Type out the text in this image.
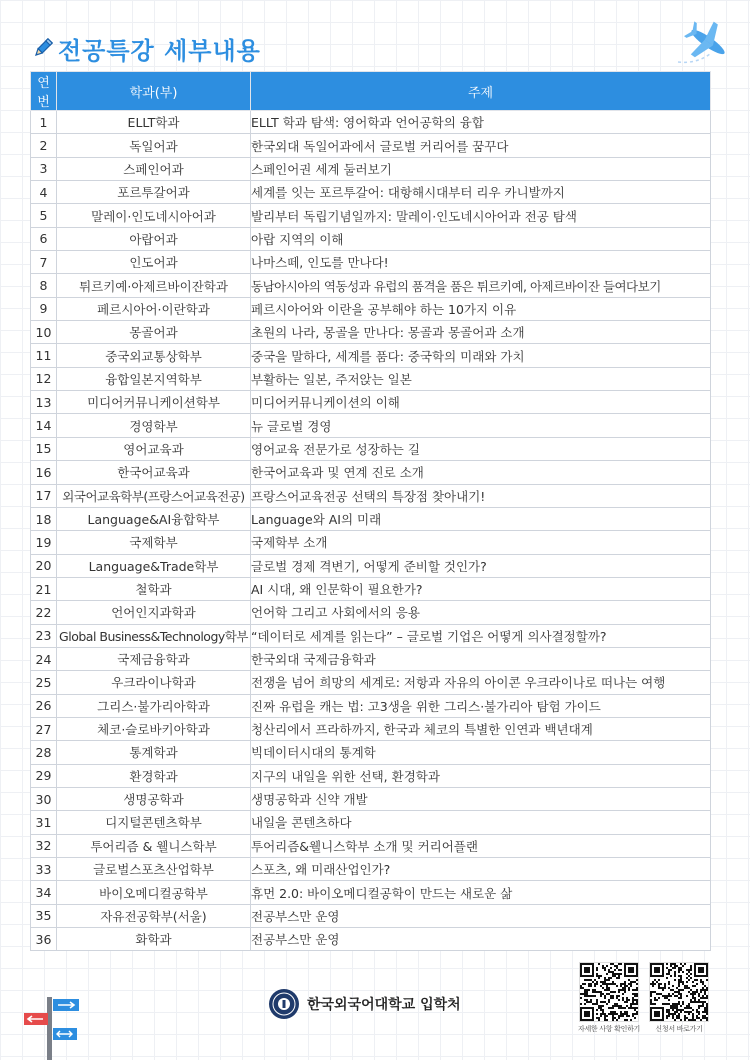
전공특강 세부내용
연번	학과(부)	주제
1	ELLT학과	ELLT 학과 탐색: 영어학과 언어공학의 융합
2	독일어과	한국외대 독일어과에서 글로벌 커리어를 꿈꾸다
3	스페인어과	스페인어권 세계 둘러보기
4	포르투갈어과	세계를 잇는 포르투갈어: 대항해시대부터 리우 카니발까지
5	말레이·인도네시아어과	발리부터 독립기념일까지: 말레이·인도네시아어과 전공 탐색
6	아랍어과	아랍 지역의 이해
7	인도어과	나마스떼, 인도를 만나다!
8	튀르키예·아제르바이잔학과	동남아시아의 역동성과 유럽의 품격을 품은 튀르키예, 아제르바이잔 들여다보기
9	페르시아어·이란학과	페르시아어와 이란을 공부해야 하는 10가지 이유
10	몽골어과	초원의 나라, 몽골을 만나다: 몽골과 몽골어과 소개
11	중국외교통상학부	중국을 말하다, 세계를 품다: 중국학의 미래와 가치
12	융합일본지역학부	부활하는 일본, 주저앉는 일본
13	미디어커뮤니케이션학부	미디어커뮤니케이션의 이해
14	경영학부	뉴 글로벌 경영
15	영어교육과	영어교육 전문가로 성장하는 길
16	한국어교육과	한국어교육과 및 연계 진로 소개
17	외국어교육학부(프랑스어교육전공)	프랑스어교육전공 선택의 특장점 찾아내기!
18	Language&AI융합학부	Language와 AI의 미래
19	국제학부	국제학부 소개
20	Language&Trade학부	글로벌 경제 격변기, 어떻게 준비할 것인가?
21	철학과	AI 시대, 왜 인문학이 필요한가?
22	언어인지과학과	언어학 그리고 사회에서의 응용
23	Global Business&Technology학부	“데이터로 세계를 읽는다” – 글로벌 기업은 어떻게 의사결정할까?
24	국제금융학과	한국외대 국제금융학과
25	우크라이나학과	전쟁을 넘어 희망의 세계로: 저항과 자유의 아이콘 우크라이나로 떠나는 여행
26	그리스·불가리아학과	진짜 유럽을 캐는 법: 고3생을 위한 그리스·불가리아 탐험 가이드
27	체코·슬로바키아학과	청산리에서 프라하까지, 한국과 체코의 특별한 인연과 백년대계
28	통계학과	빅데이터시대의 통계학
29	환경학과	지구의 내일을 위한 선택, 환경학과
30	생명공학과	생명공학과 신약 개발
31	디지털콘텐츠학부	내일을 콘텐츠하다
32	투어리즘 & 웰니스학부	투어리즘&웰니스학부 소개 및 커리어플랜
33	글로벌스포츠산업학부	스포츠, 왜 미래산업인가?
34	바이오메디컬공학부	휴먼 2.0: 바이오메디컬공학이 만드는 새로운 삶
35	자유전공학부(서울)	전공부스만 운영
36	화학과	전공부스만 운영
한국외국어대학교 입학처
자세한 사항 확인하기	신청서 바로가기
